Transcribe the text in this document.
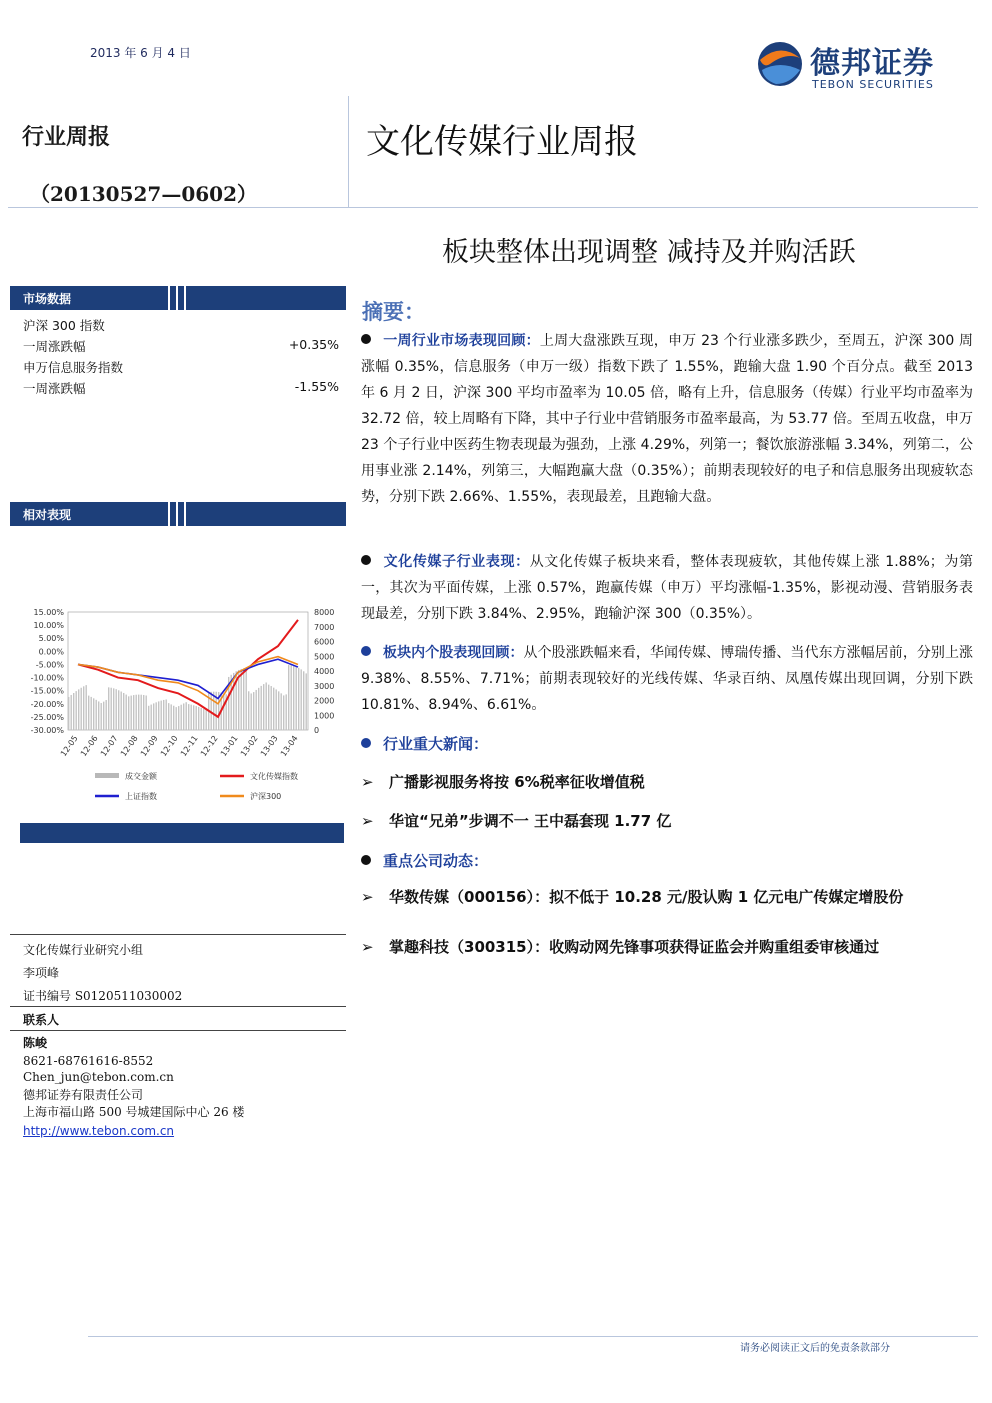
2013 年 6 月 4 日	德邦证券
TEBON SECURITIES
行业周报
（20130527—0602）
文化传媒行业周报
板块整体出现调整 减持及并购活跃
市场数据
沪深 300 指数
一周涨跌幅	+0.35%
申万信息服务指数
一周涨跌幅	-1.55%
相对表现
15.00%
10.00%
5.00%
0.00%
-5.00%
-10.00%
-15.00%
-20.00%
-25.00%
-30.00%
8000
7000
6000
5000
4000
3000
2000
1000
0
12-05 12-06 12-07 12-08 12-09 12-10 12-11 12-12 13-01 13-02 13-03 13-04
成交金额	文化传媒指数
上证指数	沪深300
摘要：
一周行业市场表现回顾：上周大盘涨跌互现，申万 23 个行业涨多跌少，至周五，沪深 300 周涨幅 0.35%，信息服务（申万一级）指数下跌了 1.55%，跑输大盘 1.90 个百分点。截至 2013 年 6 月 2 日，沪深 300 平均市盈率为 10.05 倍，略有上升，信息服务（传媒）行业平均市盈率为 32.72 倍，较上周略有下降，其中子行业中营销服务市盈率最高，为 53.77 倍。至周五收盘，申万 23 个子行业中医药生物表现最为强劲，上涨 4.29%，列第一；餐饮旅游涨幅 3.34%，列第二，公用事业涨 2.14%，列第三，大幅跑赢大盘（0.35%）；前期表现较好的电子和信息服务出现疲软态势，分别下跌 2.66%、1.55%，表现最差，且跑输大盘。
文化传媒子行业表现：从文化传媒子板块来看，整体表现疲软，其他传媒上涨 1.88%；为第一，其次为平面传媒，上涨 0.57%，跑赢传媒（申万）平均涨幅-1.35%，影视动漫、营销服务表现最差，分别下跌 3.84%、2.95%，跑输沪深 300（0.35%）。
板块内个股表现回顾：从个股涨跌幅来看，华闻传媒、博瑞传播、当代东方涨幅居前，分别上涨 9.38%、8.55%、7.71%；前期表现较好的光线传媒、华录百纳、凤凰传媒出现回调，分别下跌 10.81%、8.94%、6.61%。
行业重大新闻：
➢ 广播影视服务将按 6%税率征收增值税
➢ 华谊“兄弟”步调不一 王中磊套现 1.77 亿
重点公司动态：
➢ 华数传媒（000156）：拟不低于 10.28 元/股认购 1 亿元电广传媒定增股份
➢ 掌趣科技（300315）：收购动网先锋事项获得证监会并购重组委审核通过
文化传媒行业研究小组
李项峰
证书编号 S0120511030002
联系人
陈峻
8621-68761616-8552
Chen_jun@tebon.com.cn
德邦证券有限责任公司
上海市福山路 500 号城建国际中心 26 楼
http://www.tebon.com.cn
请务必阅读正文后的免责条款部分
